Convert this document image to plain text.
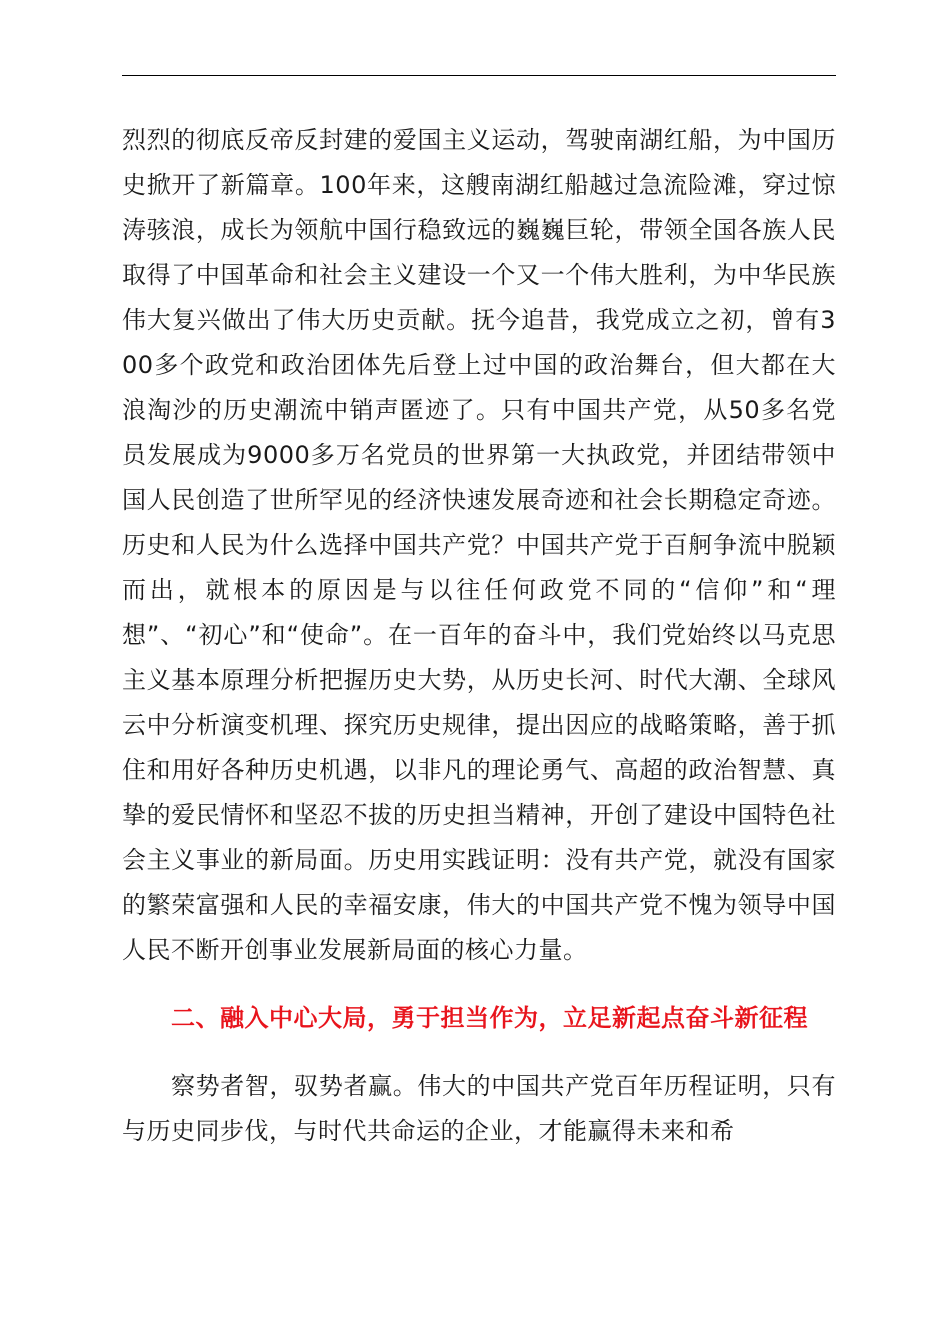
烈烈的彻底反帝反封建的爱国主义运动，驾驶南湖红船，为中国历史掀开了新篇章。100年来，这艘南湖红船越过急流险滩，穿过惊涛骇浪，成长为领航中国行稳致远的巍巍巨轮，带领全国各族人民取得了中国革命和社会主义建设一个又一个伟大胜利，为中华民族伟大复兴做出了伟大历史贡献。抚今追昔，我党成立之初，曾有300多个政党和政治团体先后登上过中国的政治舞台，但大都在大浪淘沙的历史潮流中销声匿迹了。只有中国共产党，从50多名党员发展成为9000多万名党员的世界第一大执政党，并团结带领中国人民创造了世所罕见的经济快速发展奇迹和社会长期稳定奇迹。历史和人民为什么选择中国共产党？中国共产党于百舸争流中脱颖而出，就根本的原因是与以往任何政党不同的“信仰”和“理想”、“初心”和“使命”。在一百年的奋斗中，我们党始终以马克思主义基本原理分析把握历史大势，从历史长河、时代大潮、全球风云中分析演变机理、探究历史规律，提出因应的战略策略，善于抓住和用好各种历史机遇，以非凡的理论勇气、高超的政治智慧、真挚的爱民情怀和坚忍不拔的历史担当精神，开创了建设中国特色社会主义事业的新局面。历史用实践证明：没有共产党，就没有国家的繁荣富强和人民的幸福安康，伟大的中国共产党不愧为领导中国人民不断开创事业发展新局面的核心力量。

二、融入中心大局，勇于担当作为，立足新起点奋斗新征程

察势者智，驭势者赢。伟大的中国共产党百年历程证明，只有与历史同步伐，与时代共命运的企业，才能赢得未来和希
